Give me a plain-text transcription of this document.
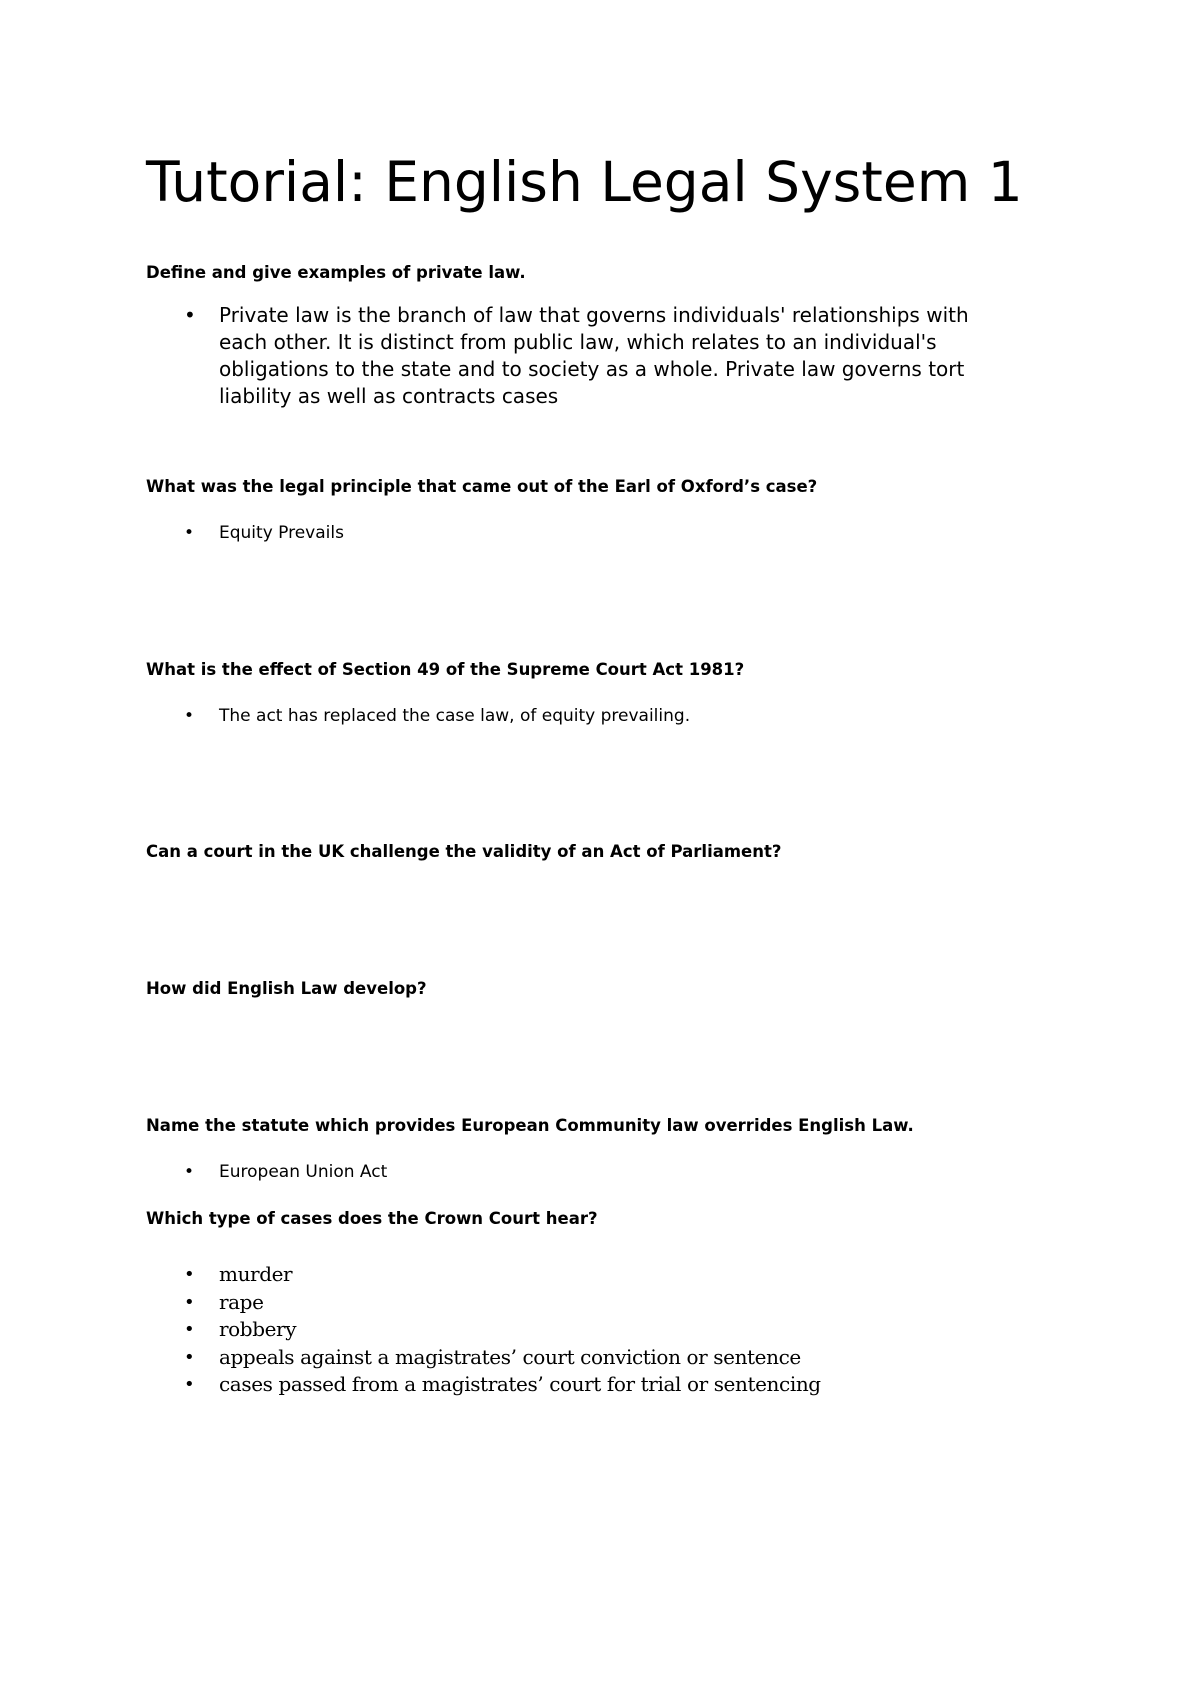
Tutorial: English Legal System 1

Define and give examples of private law.

• Private law is the branch of law that governs individuals' relationships with each other. It is distinct from public law, which relates to an individual's obligations to the state and to society as a whole. Private law governs tort liability as well as contracts cases

What was the legal principle that came out of the Earl of Oxford’s case?

• Equity Prevails

What is the effect of Section 49 of the Supreme Court Act 1981?

• The act has replaced the case law, of equity prevailing.

Can a court in the UK challenge the validity of an Act of Parliament?

How did English Law develop?

Name the statute which provides European Community law overrides English Law.

• European Union Act

Which type of cases does the Crown Court hear?

• murder
• rape
• robbery
• appeals against a magistrates’ court conviction or sentence
• cases passed from a magistrates’ court for trial or sentencing
